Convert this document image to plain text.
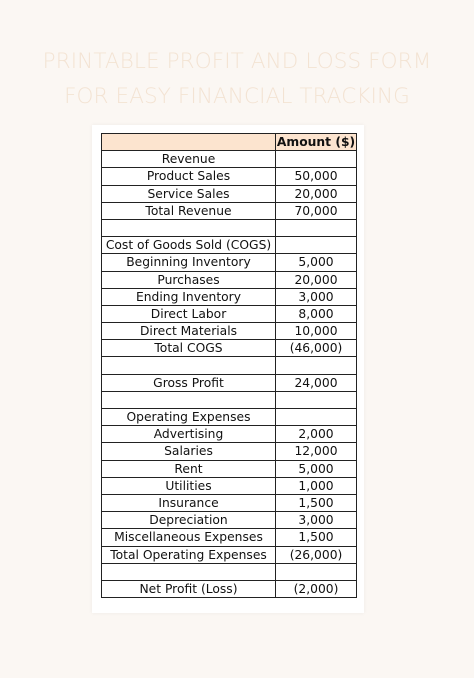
PRINTABLE PROFIT AND LOSS FORM
FOR EASY FINANCIAL TRACKING
	Amount ($)
Revenue	
Product Sales	50,000
Service Sales	20,000
Total Revenue	70,000

Cost of Goods Sold (COGS)	
Beginning Inventory	5,000
Purchases	20,000
Ending Inventory	3,000
Direct Labor	8,000
Direct Materials	10,000
Total COGS	(46,000)

Gross Profit	24,000

Operating Expenses	
Advertising	2,000
Salaries	12,000
Rent	5,000
Utilities	1,000
Insurance	1,500
Depreciation	3,000
Miscellaneous Expenses	1,500
Total Operating Expenses	(26,000)

Net Profit (Loss)	(2,000)
